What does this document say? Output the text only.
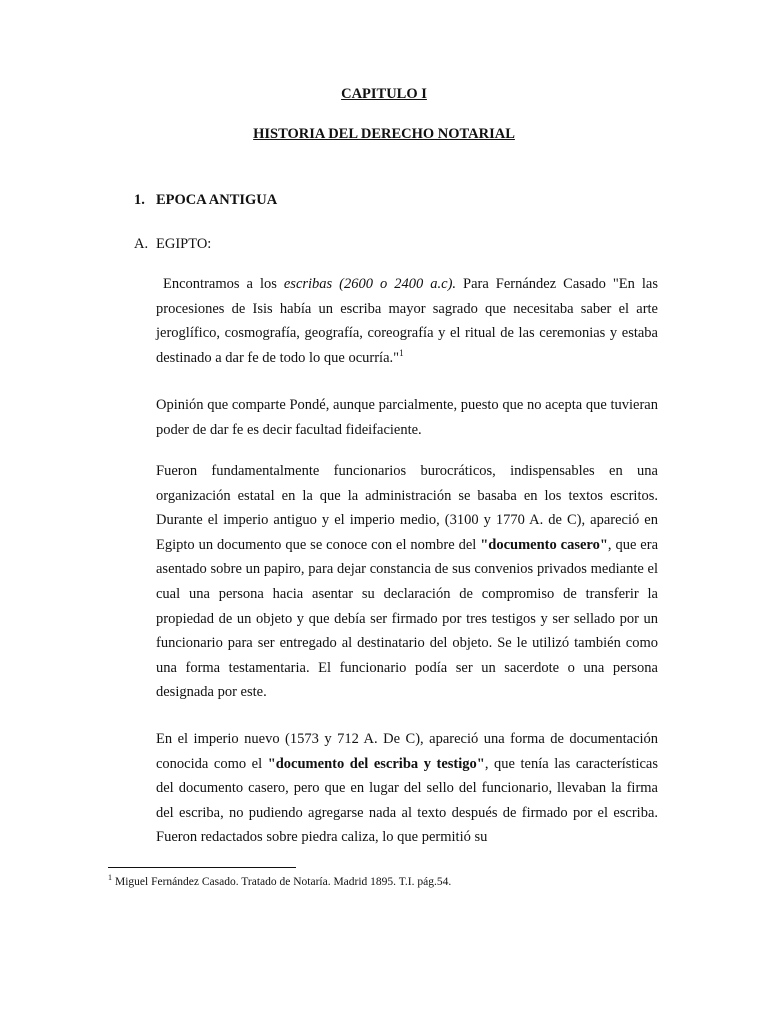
CAPITULO I
HISTORIA DEL DERECHO NOTARIAL
1. EPOCA ANTIGUA
A. EGIPTO:
Encontramos a los escribas (2600 o 2400 a.c). Para Fernández Casado "En las procesiones de Isis había un escriba mayor sagrado que necesitaba saber el arte jeroglífico, cosmografía, geografía, coreografía y el ritual de las ceremonias y estaba destinado a dar fe de todo lo que ocurría."$^1$
Opinión que comparte Pondé, aunque parcialmente, puesto que no acepta que tuvieran poder de dar fe es decir facultad fideifaciente.
Fueron fundamentalmente funcionarios burocráticos, indispensables en una organización estatal en la que la administración se basaba en los textos escritos. Durante el imperio antiguo y el imperio medio, (3100 y 1770 A. de C), apareció en Egipto un documento que se conoce con el nombre del "documento casero", que era asentado sobre un papiro, para dejar constancia de sus convenios privados mediante el cual una persona hacia asentar su declaración de compromiso de transferir la propiedad de un objeto y que debía ser firmado por tres testigos y ser sellado por un funcionario para ser entregado al destinatario del objeto. Se le utilizó también como una forma testamentaria. El funcionario podía ser un sacerdote o una persona designada por este.
En el imperio nuevo (1573 y 712 A. De C), apareció una forma de documentación conocida como el "documento del escriba y testigo", que tenía las características del documento casero, pero que en lugar del sello del funcionario, llevaban la firma del escriba, no pudiendo agregarse nada al texto después de firmado por el escriba. Fueron redactados sobre piedra caliza, lo que permitió su
$^1$ Miguel Fernández Casado. Tratado de Notaría. Madrid 1895. T.I. pág.54.
